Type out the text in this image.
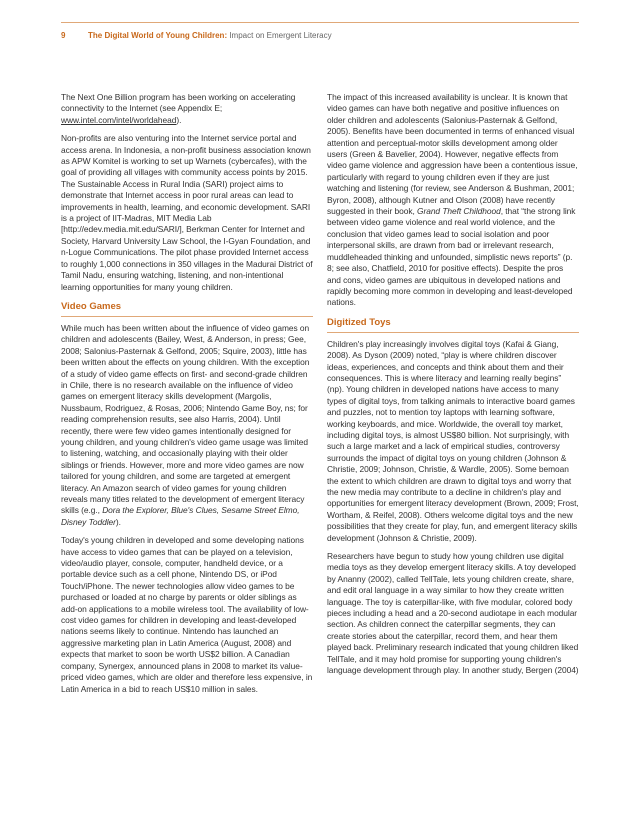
9	The Digital World of Young Children: Impact on Emergent Literacy

The Next One Billion program has been working on accelerating connectivity to the Internet (see Appendix E; www.intel.com/intel/worldahead).

Non-profits are also venturing into the Internet service portal and access arena. In Indonesia, a non-profit business association known as APW Komitel is working to set up Warnets (cybercafes), with the goal of providing all villages with community access points by 2015. The Sustainable Access in Rural India (SARI) project aims to demonstrate that Internet access in poor rural areas can lead to improvements in health, learning, and economic development. SARI is a project of IIT-Madras, MIT Media Lab [http://edev.media.mit.edu/SARI/], Berkman Center for Internet and Society, Harvard University Law School, the I-Gyan Foundation, and n-Logue Communications. The pilot phase provided Internet access to roughly 1,000 connections in 350 villages in the Madurai District of Tamil Nadu, ensuring watching, listening, and non-intentional learning opportunities for many young children.

Video Games

While much has been written about the influence of video games on children and adolescents (Bailey, West, & Anderson, in press; Gee, 2008; Salonius-Pasternak & Gelfond, 2005; Squire, 2003), little has been written about the effects on young children. With the exception of a study of video game effects on first- and second-grade children in Chile, there is no research available on the influence of video games on emergent literacy skills development (Margolis, Nussbaum, Rodriguez, & Rosas, 2006; Nintendo Game Boy, ns; for reading comprehension results, see also Harris, 2004). Until recently, there were few video games intentionally designed for young children, and young children's video game usage was limited to listening, watching, and occasionally playing with their older siblings or friends. However, more and more video games are now tailored for young children, and some are targeted at emergent literacy. An Amazon search of video games for young children reveals many titles related to the development of emergent literacy skills (e.g., Dora the Explorer, Blue's Clues, Sesame Street Elmo, Disney Toddler).

Today's young children in developed and some developing nations have access to video games that can be played on a television, video/audio player, console, computer, handheld device, or a portable device such as a cell phone, Nintendo DS, or iPod Touch/iPhone. The newer technologies allow video games to be purchased or loaded at no charge by parents or older siblings as add-on applications to a mobile wireless tool. The availability of low-cost video games for children in developing and least-developed nations seems likely to continue. Nintendo has launched an aggressive marketing plan in Latin America (August, 2008) and expects that market to soon be worth US$2 billion. A Canadian company, Synergex, announced plans in 2008 to market its value-priced video games, which are older and therefore less expensive, in Latin America in a bid to reach US$10 million in sales.

The impact of this increased availability is unclear. It is known that video games can have both negative and positive influences on older children and adolescents (Salonius-Pasternak & Gelfond, 2005). Benefits have been documented in terms of enhanced visual attention and perceptual-motor skills development among older users (Green & Bavelier, 2004). However, negative effects from video game violence and aggression have been a contentious issue, particularly with regard to young children even if they are just watching and listening (for review, see Anderson & Bushman, 2001; Byron, 2008), although Kutner and Olson (2008) have recently suggested in their book, Grand Theft Childhood, that “the strong link between video game violence and real world violence, and the conclusion that video games lead to social isolation and poor interpersonal skills, are drawn from bad or irrelevant research, muddleheaded thinking and unfounded, simplistic news reports” (p. 8; see also, Chatfield, 2010 for positive effects). Despite the pros and cons, video games are ubiquitous in developed nations and rapidly becoming more common in developing and least-developed nations.

Digitized Toys

Children's play increasingly involves digital toys (Kafai & Giang, 2008). As Dyson (2009) noted, “play is where children discover ideas, experiences, and concepts and think about them and their consequences. This is where literacy and learning really begins” (np). Young children in developed nations have access to many types of digital toys, from talking animals to interactive board games and puzzles, not to mention toy laptops with learning software, working keyboards, and mice. Worldwide, the overall toy market, including digital toys, is almost US$80 billion. Not surprisingly, with such a large market and a lack of empirical studies, controversy surrounds the impact of digital toys on young children (Johnson & Christie, 2009; Johnson, Christie, & Wardle, 2005). Some bemoan the extent to which children are drawn to digital toys and worry that the new media may contribute to a decline in children's play and opportunities for emergent literacy development (Brown, 2009; Frost, Wortham, & Reifel, 2008). Others welcome digital toys and the new possibilities that they create for play, fun, and emergent literacy skills development (Johnson & Christie, 2009).

Researchers have begun to study how young children use digital media toys as they develop emergent literacy skills. A toy developed by Ananny (2002), called TellTale, lets young children create, share, and edit oral language in a way similar to how they create written language. The toy is caterpillar-like, with five modular, colored body pieces including a head and a 20-second audiotape in each modular section. As children connect the caterpillar segments, they can create stories about the caterpillar, record them, and hear them played back. Preliminary research indicated that young children liked TellTale, and it may hold promise for supporting young children's language development through play. In another study, Bergen (2004)
